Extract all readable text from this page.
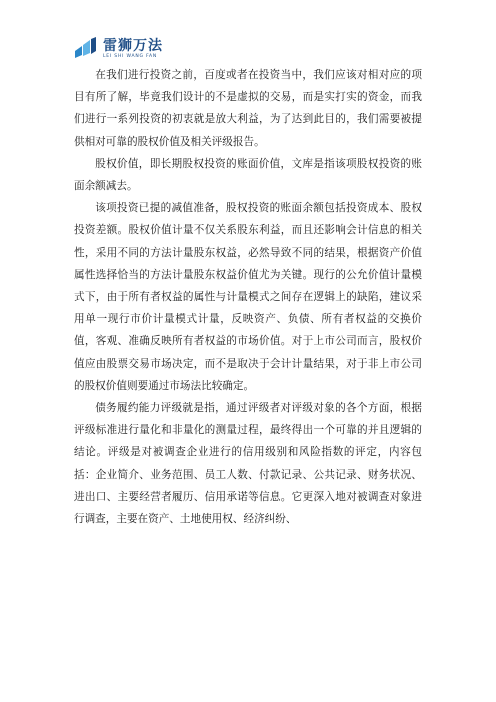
雷狮万法
LEI SHI WANG FAN

在我们进行投资之前，百度或者在投资当中，我们应该对相对应的项目有所了解，毕竟我们设计的不是虚拟的交易，而是实打实的资金，而我们进行一系列投资的初衷就是放大利益，为了达到此目的，我们需要被提供相对可靠的股权价值及相关评级报告。

股权价值，即长期股权投资的账面价值，文库是指该项股权投资的账面余额减去。

该项投资已提的减值准备，股权投资的账面余额包括投资成本、股权投资差额。股权价值计量不仅关系股东利益，而且还影响会计信息的相关性，采用不同的方法计量股东权益，必然导致不同的结果，根据资产价值属性选择恰当的方法计量股东权益价值尤为关键。现行的公允价值计量模式下，由于所有者权益的属性与计量模式之间存在逻辑上的缺陷，建议采用单一现行市价计量模式计量，反映资产、负债、所有者权益的交换价值，客观、准确反映所有者权益的市场价值。对于上市公司而言，股权价值应由股票交易市场决定，而不是取决于会计计量结果，对于非上市公司的股权价值则要通过市场法比较确定。

债务履约能力评级就是指，通过评级者对评级对象的各个方面，根据评级标准进行量化和非量化的测量过程，最终得出一个可靠的并且逻辑的结论。评级是对被调查企业进行的信用级别和风险指数的评定，内容包括：企业简介、业务范围、员工人数、付款记录、公共记录、财务状况、进出口、主要经营者履历、信用承诺等信息。它更深入地对被调查对象进行调查，主要在资产、土地使用权、经济纠纷、
